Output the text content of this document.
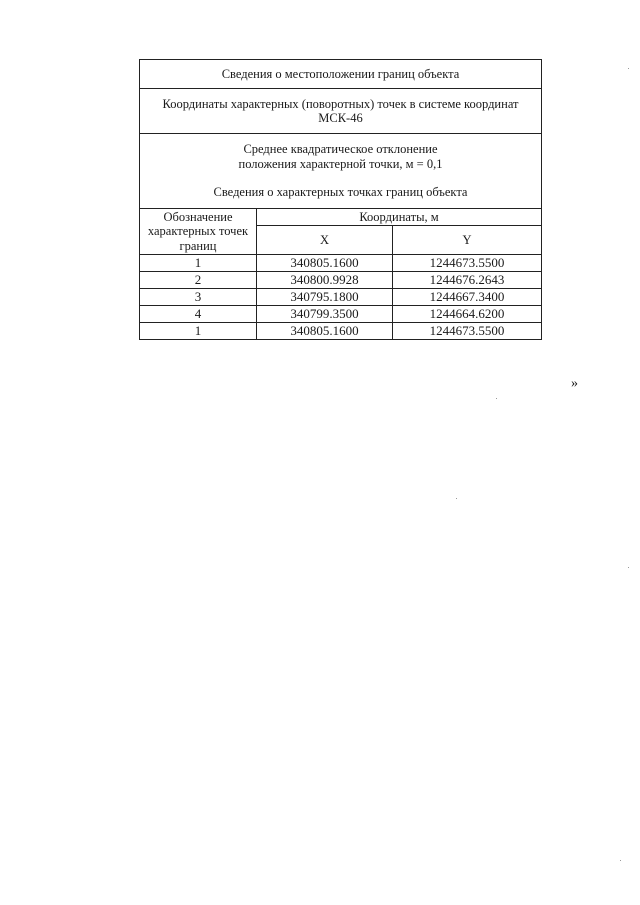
Сведения о местоположении границ объекта		
Координаты характерных (поворотных) точек в системе координат МСК-46		

Среднее квадратическое отклонение
положения характерной точки, м = 0,1
Сведения о характерных точках границ объекта		

Обозначение характерных точек границ	Координаты, м	
	X	Y
1	340805.1600	1244673.5500
2	340800.9928	1244676.2643
3	340795.1800	1244667.3400
4	340799.3500	1244664.6200
1	340805.1600	1244673.5500
»
